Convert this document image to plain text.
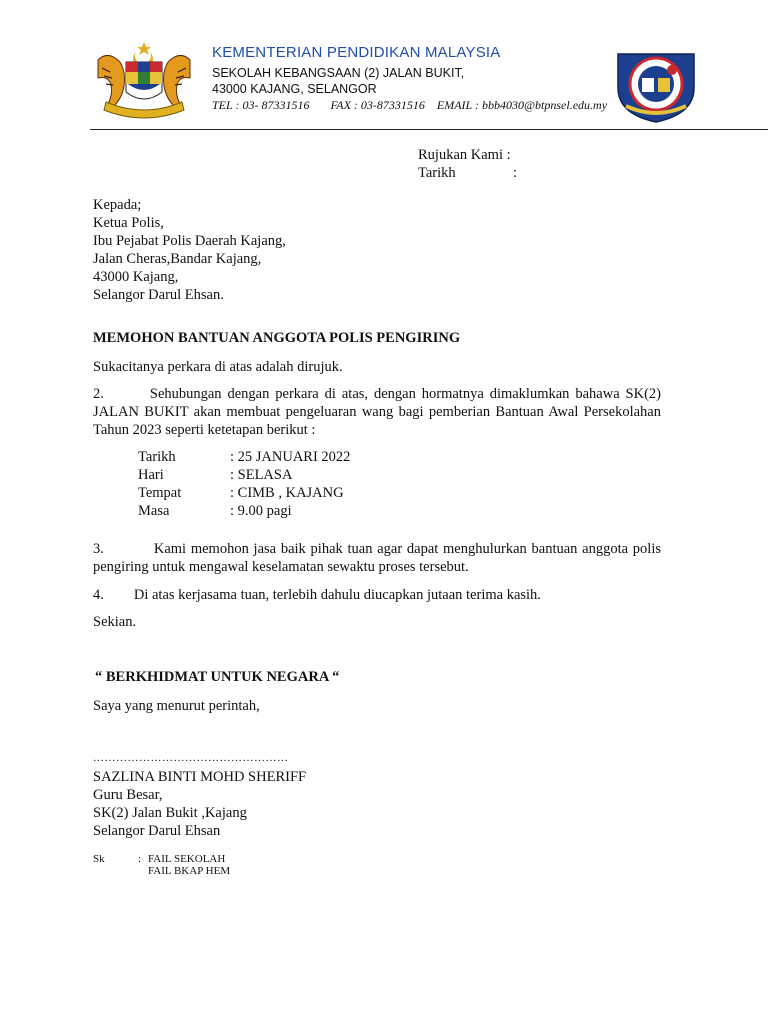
KEMENTERIAN PENDIDIKAN MALAYSIA
SEKOLAH KEBANGSAAN (2) JALAN BUKIT,
43000 KAJANG, SELANGOR
TEL : 03- 87331516 FAX : 03-87331516 EMAIL : bbb4030@btpnsel.edu.my
Rujukan Kami :
Tarikh	:
Kepada;
Ketua Polis,
Ibu Pejabat Polis Daerah Kajang,
Jalan Cheras,Bandar Kajang,
43000 Kajang,
Selangor Darul Ehsan.
MEMOHON BANTUAN ANGGOTA POLIS PENGIRING
Sukacitanya perkara di atas adalah dirujuk.
2.	Sehubungan dengan perkara di atas, dengan hormatnya dimaklumkan bahawa SK(2) JALAN BUKIT akan membuat pengeluaran wang bagi pemberian Bantuan Awal Persekolahan Tahun 2023 seperti ketetapan berikut :
Tarikh	: 25 JANUARI 2022
Hari	: SELASA
Tempat	: CIMB , KAJANG
Masa	: 9.00 pagi
3.	Kami memohon jasa baik pihak tuan agar dapat menghulurkan bantuan anggota polis pengiring untuk mengawal keselamatan sewaktu proses tersebut.
4. Di atas kerjasama tuan, terlebih dahulu diucapkan jutaan terima kasih.
Sekian.
“ BERKHIDMAT UNTUK NEGARA “
Saya yang menurut perintah,
……………………………………………
SAZLINA BINTI MOHD SHERIFF
Guru Besar,
SK(2) Jalan Bukit ,Kajang
Selangor Darul Ehsan
Sk	: FAIL SEKOLAH
FAIL BKAP HEM
